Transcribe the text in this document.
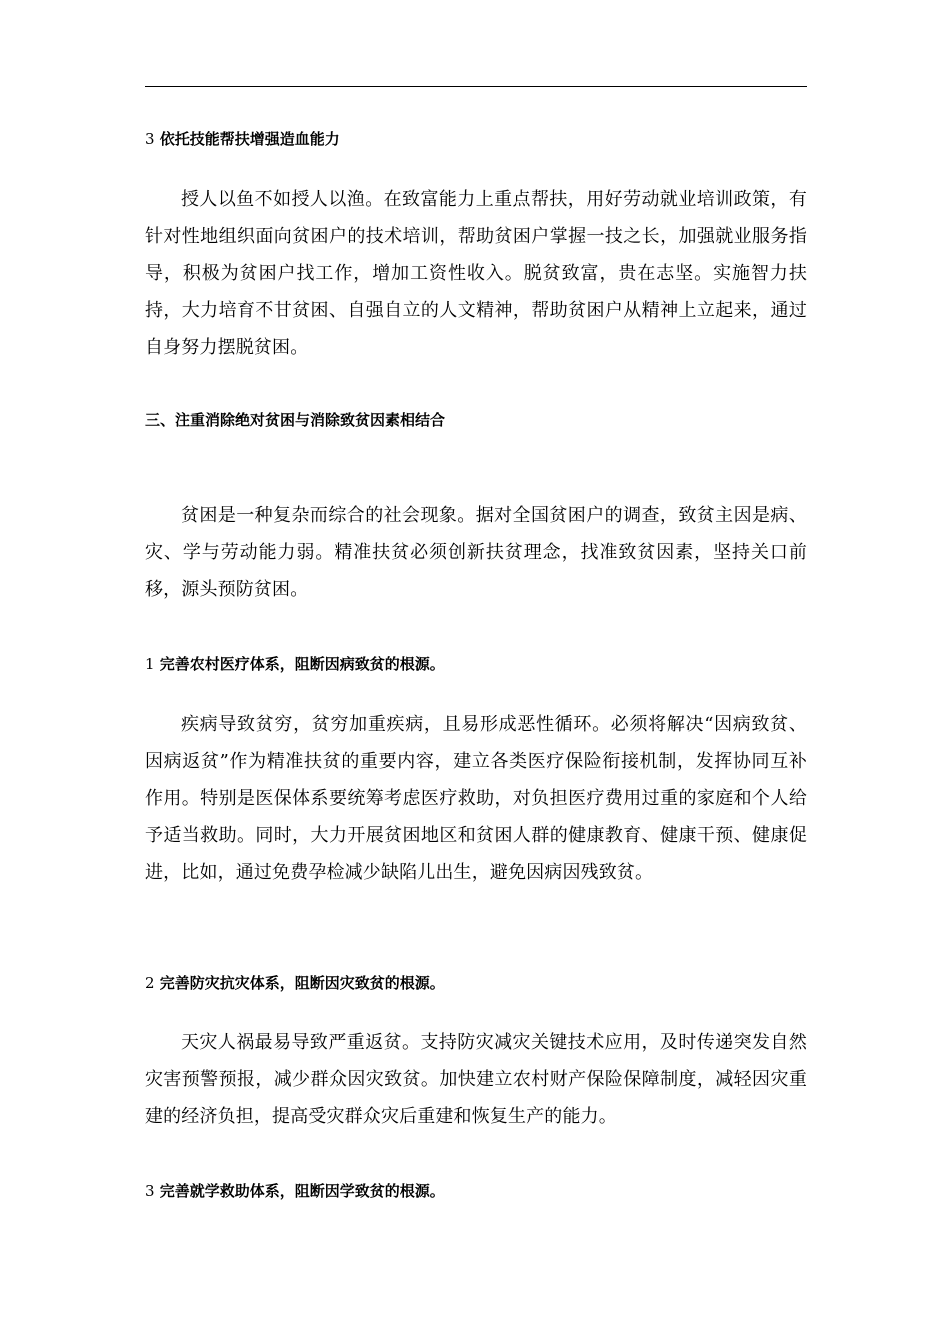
3 依托技能帮扶增强造血能力
授人以鱼不如授人以渔。在致富能力上重点帮扶，用好劳动就业培训政策，有针对性地组织面向贫困户的技术培训，帮助贫困户掌握一技之长，加强就业服务指导，积极为贫困户找工作，增加工资性收入。脱贫致富，贵在志坚。实施智力扶持，大力培育不甘贫困、自强自立的人文精神，帮助贫困户从精神上立起来，通过自身努力摆脱贫困。
三、注重消除绝对贫困与消除致贫因素相结合
贫困是一种复杂而综合的社会现象。据对全国贫困户的调查，致贫主因是病、灾、学与劳动能力弱。精准扶贫必须创新扶贫理念，找准致贫因素，坚持关口前移，源头预防贫困。
1 完善农村医疗体系，阻断因病致贫的根源。
疾病导致贫穷，贫穷加重疾病，且易形成恶性循环。必须将解决“因病致贫、因病返贫”作为精准扶贫的重要内容，建立各类医疗保险衔接机制，发挥协同互补作用。特别是医保体系要统筹考虑医疗救助，对负担医疗费用过重的家庭和个人给予适当救助。同时，大力开展贫困地区和贫困人群的健康教育、健康干预、健康促进，比如，通过免费孕检减少缺陷儿出生，避免因病因残致贫。
2 完善防灾抗灾体系，阻断因灾致贫的根源。
天灾人祸最易导致严重返贫。支持防灾减灾关键技术应用，及时传递突发自然灾害预警预报，减少群众因灾致贫。加快建立农村财产保险保障制度，减轻因灾重建的经济负担，提高受灾群众灾后重建和恢复生产的能力。
3 完善就学救助体系，阻断因学致贫的根源。
